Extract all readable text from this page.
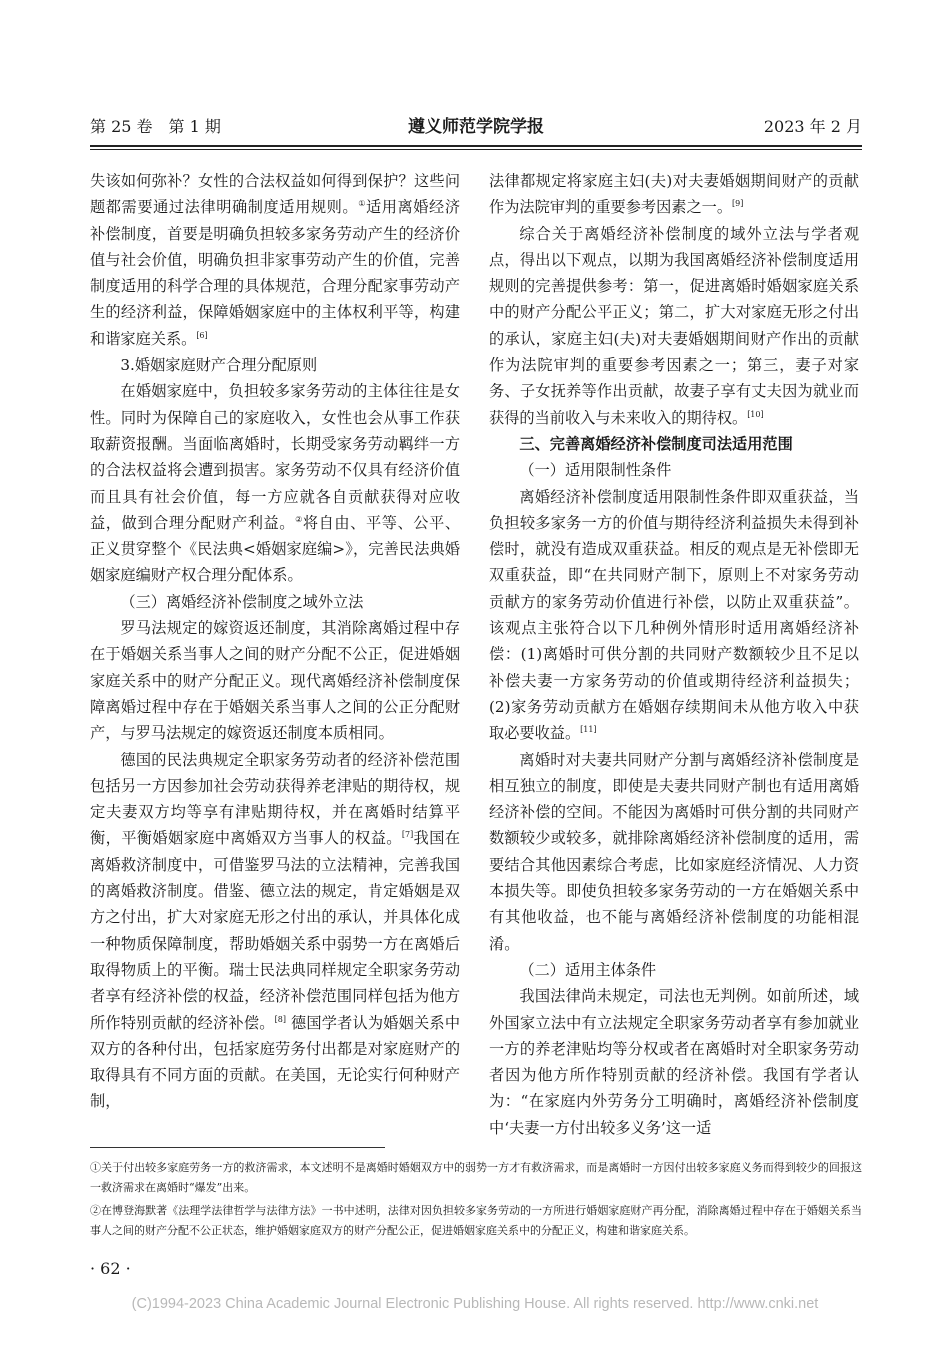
第 25 卷　第 1 期	遵义师范学院学报	2023 年 2 月

失该如何弥补？女性的合法权益如何得到保护？这些问题都需要通过法律明确制度适用规则。①适用离婚经济补偿制度，首要是明确负担较多家务劳动产生的经济价值与社会价值，明确负担非家事劳动产生的价值，完善制度适用的科学合理的具体规范，合理分配家事劳动产生的经济利益，保障婚姻家庭中的主体权利平等，构建和谐家庭关系。[6]

3.婚姻家庭财产合理分配原则

在婚姻家庭中，负担较多家务劳动的主体往往是女性。同时为保障自己的家庭收入，女性也会从事工作获取薪资报酬。当面临离婚时，长期受家务劳动羁绊一方的合法权益将会遭到损害。家务劳动不仅具有经济价值而且具有社会价值，每一方应就各自贡献获得对应收益，做到合理分配财产利益。②将自由、平等、公平、正义贯穿整个《民法典<婚姻家庭编>》，完善民法典婚姻家庭编财产权合理分配体系。

（三）离婚经济补偿制度之域外立法

罗马法规定的嫁资返还制度，其消除离婚过程中存在于婚姻关系当事人之间的财产分配不公正，促进婚姻家庭关系中的财产分配正义。现代离婚经济补偿制度保障离婚过程中存在于婚姻关系当事人之间的公正分配财产，与罗马法规定的嫁资返还制度本质相同。

德国的民法典规定全职家务劳动者的经济补偿范围包括另一方因参加社会劳动获得养老津贴的期待权，规定夫妻双方均等享有津贴期待权，并在离婚时结算平衡，平衡婚姻家庭中离婚双方当事人的权益。[7]我国在离婚救济制度中，可借鉴罗马法的立法精神，完善我国的离婚救济制度。借鉴、德立法的规定，肯定婚姻是双方之付出，扩大对家庭无形之付出的承认，并具体化成一种物质保障制度，帮助婚姻关系中弱势一方在离婚后取得物质上的平衡。瑞士民法典同样规定全职家务劳动者享有经济补偿的权益，经济补偿范围同样包括为他方所作特别贡献的经济补偿。[8] 德国学者认为婚姻关系中双方的各种付出，包括家庭劳务付出都是对家庭财产的取得具有不同方面的贡献。在美国，无论实行何种财产制，

法律都规定将家庭主妇(夫)对夫妻婚姻期间财产的贡献作为法院审判的重要参考因素之一。[9]

综合关于离婚经济补偿制度的域外立法与学者观点，得出以下观点，以期为我国离婚经济补偿制度适用规则的完善提供参考：第一，促进离婚时婚姻家庭关系中的财产分配公平正义；第二，扩大对家庭无形之付出的承认，家庭主妇(夫)对夫妻婚姻期间财产作出的贡献作为法院审判的重要参考因素之一；第三，妻子对家务、子女抚养等作出贡献，故妻子享有丈夫因为就业而获得的当前收入与未来收入的期待权。[10]

三、完善离婚经济补偿制度司法适用范围

（一）适用限制性条件

离婚经济补偿制度适用限制性条件即双重获益，当负担较多家务一方的价值与期待经济利益损失未得到补偿时，就没有造成双重获益。相反的观点是无补偿即无双重获益，即“在共同财产制下，原则上不对家务劳动贡献方的家务劳动价值进行补偿，以防止双重获益”。该观点主张符合以下几种例外情形时适用离婚经济补偿：(1)离婚时可供分割的共同财产数额较少且不足以补偿夫妻一方家务劳动的价值或期待经济利益损失；(2)家务劳动贡献方在婚姻存续期间未从他方收入中获取必要收益。[11]

离婚时对夫妻共同财产分割与离婚经济补偿制度是相互独立的制度，即使是夫妻共同财产制也有适用离婚经济补偿的空间。不能因为离婚时可供分割的共同财产数额较少或较多，就排除离婚经济补偿制度的适用，需要结合其他因素综合考虑，比如家庭经济情况、人力资本损失等。即使负担较多家务劳动的一方在婚姻关系中有其他收益，也不能与离婚经济补偿制度的功能相混淆。

（二）适用主体条件

我国法律尚未规定，司法也无判例。如前所述，域外国家立法中有立法规定全职家务劳动者享有参加就业一方的养老津贴均等分权或者在离婚时对全职家务劳动者因为他方所作特别贡献的经济补偿。我国有学者认为：“在家庭内外劳务分工明确时，离婚经济补偿制度中‘夫妻一方付出较多义务’这一适

①关于付出较多家庭劳务一方的救济需求，本文述明不是离婚时婚姻双方中的弱势一方才有救济需求，而是离婚时一方因付出较多家庭义务而得到较少的回报这一救济需求在离婚时“爆发”出来。

②在博登海默著《法理学法律哲学与法律方法》一书中述明，法律对因负担较多家务劳动的一方所进行婚姻家庭财产再分配，消除离婚过程中存在于婚姻关系当事人之间的财产分配不公正状态，维护婚姻家庭双方的财产分配公正，促进婚姻家庭关系中的分配正义，构建和谐家庭关系。

· 62 ·
(C)1994-2023 China Academic Journal Electronic Publishing House. All rights reserved. http://www.cnki.net
